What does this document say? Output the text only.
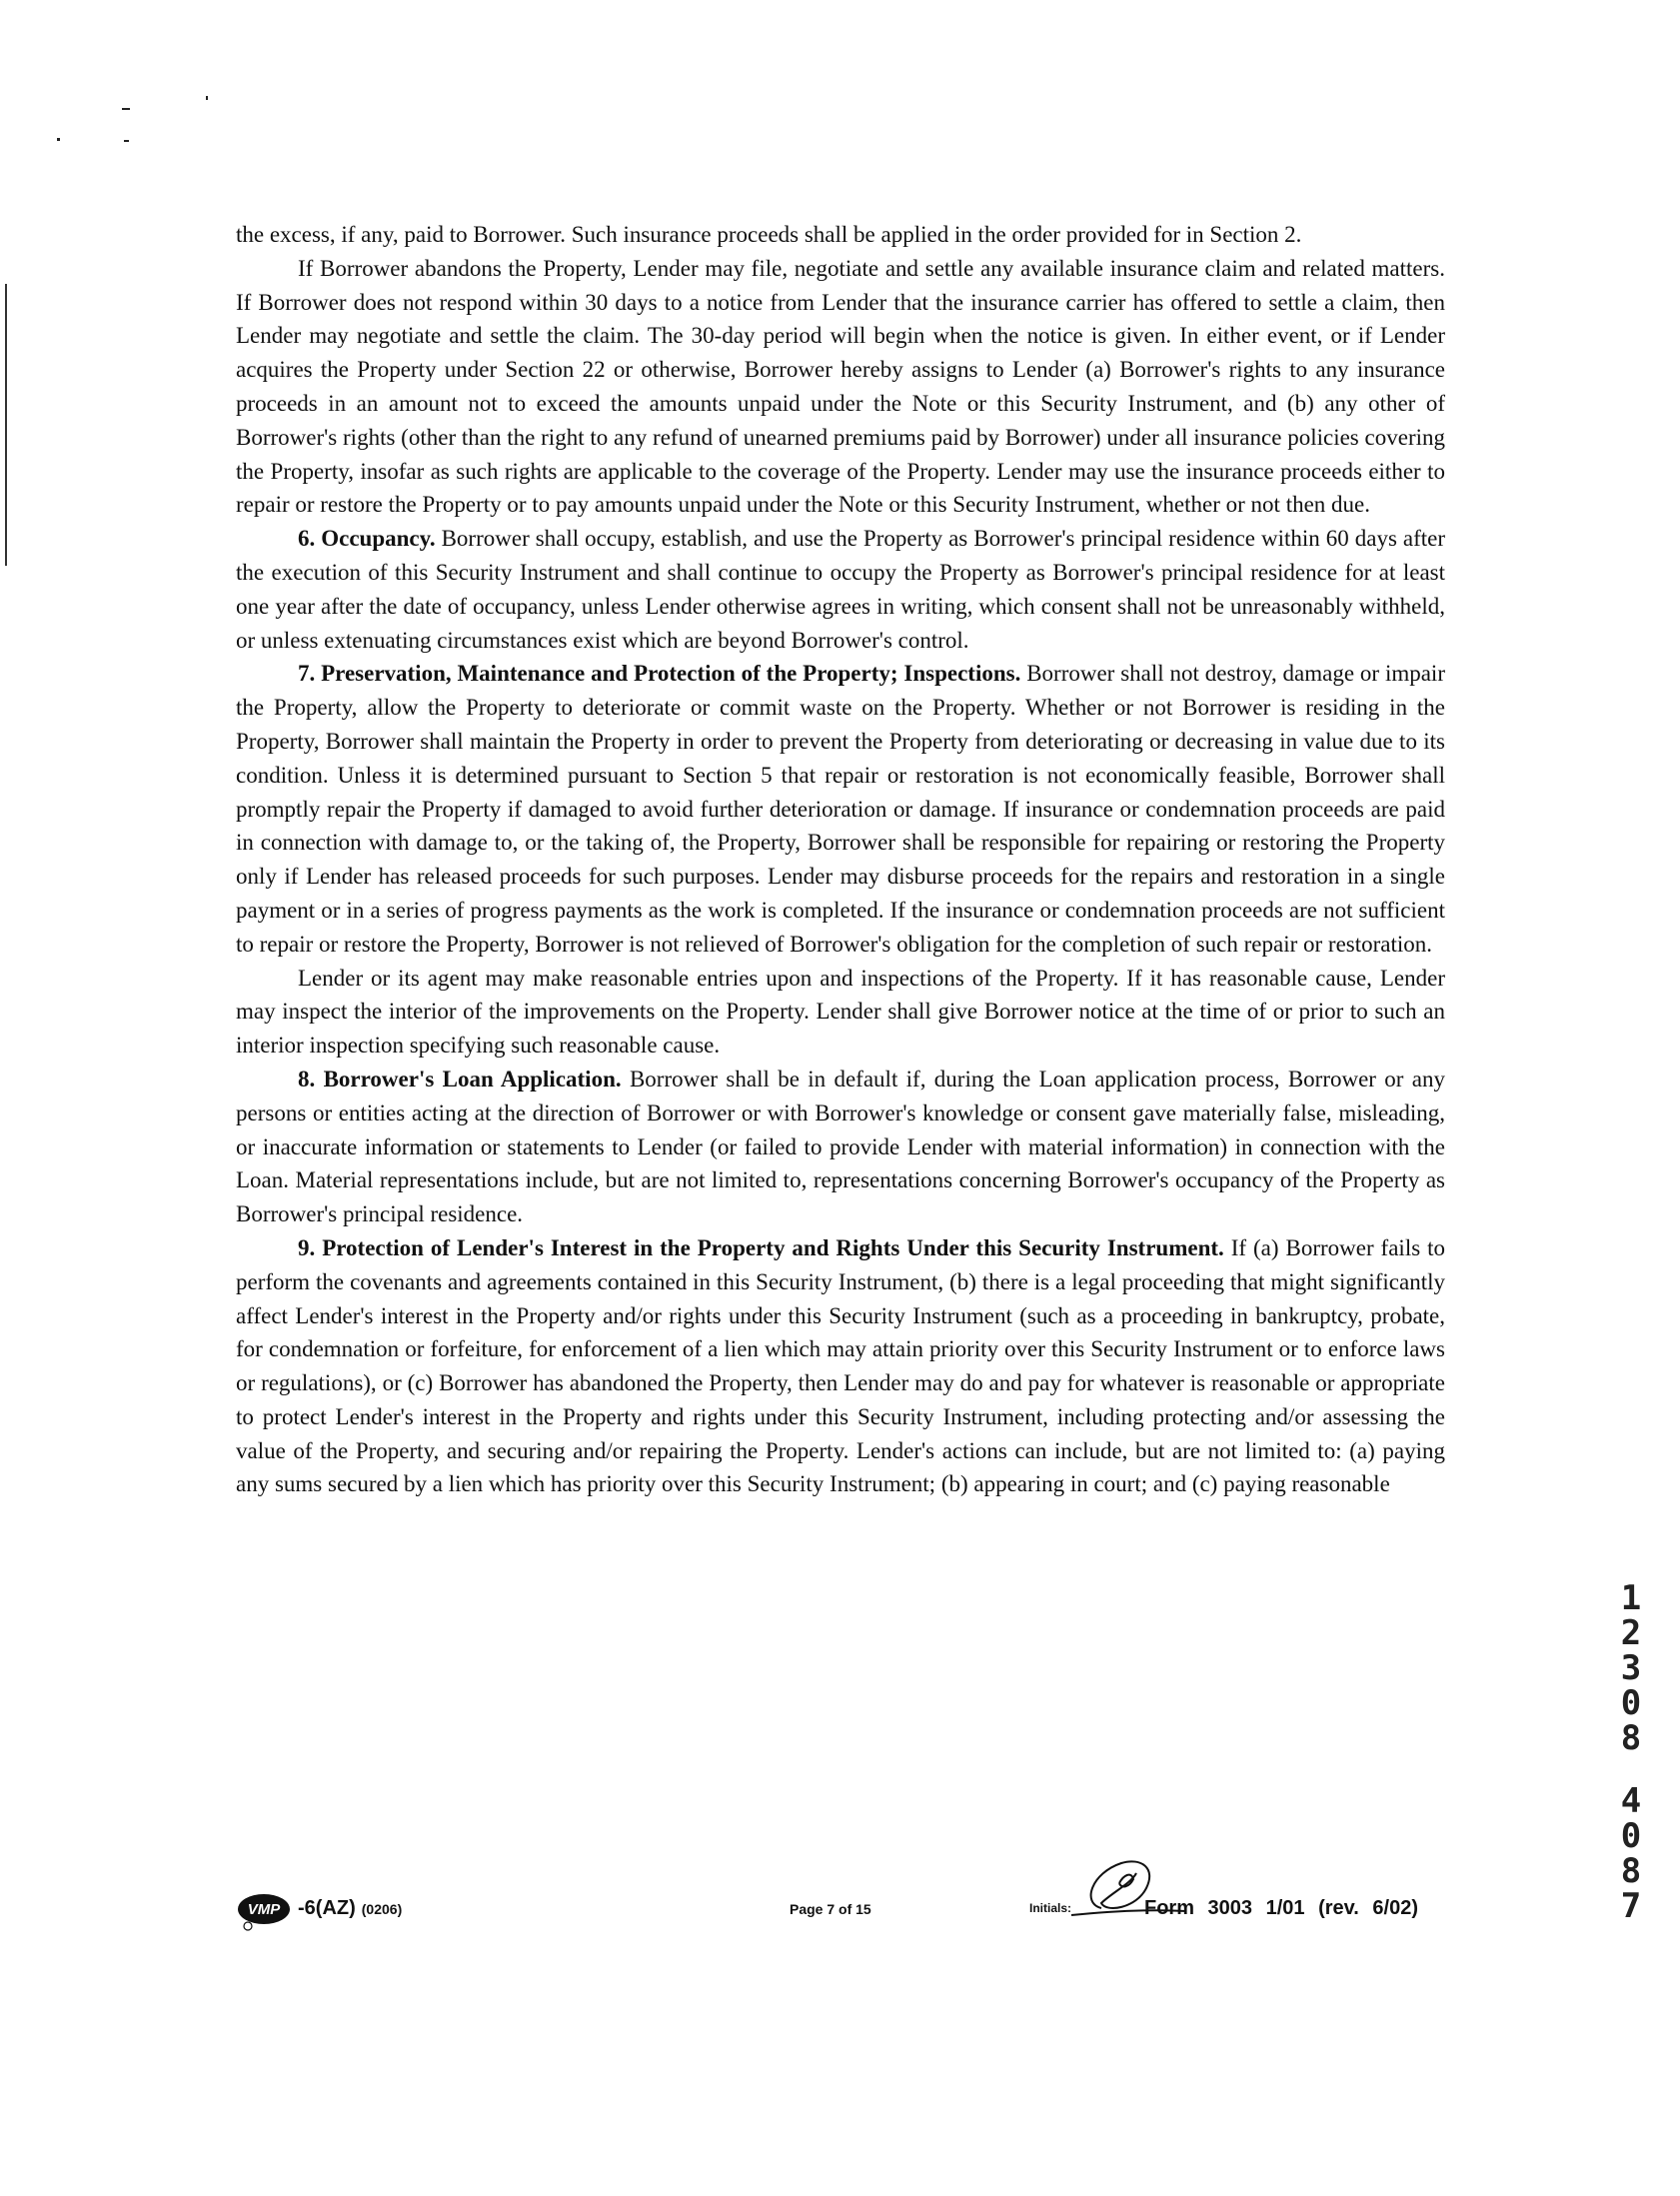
the excess, if any, paid to Borrower. Such insurance proceeds shall be applied in the order provided for in Section 2.

If Borrower abandons the Property, Lender may file, negotiate and settle any available insurance claim and related matters. If Borrower does not respond within 30 days to a notice from Lender that the insurance carrier has offered to settle a claim, then Lender may negotiate and settle the claim. The 30-day period will begin when the notice is given. In either event, or if Lender acquires the Property under Section 22 or otherwise, Borrower hereby assigns to Lender (a) Borrower's rights to any insurance proceeds in an amount not to exceed the amounts unpaid under the Note or this Security Instrument, and (b) any other of Borrower's rights (other than the right to any refund of unearned premiums paid by Borrower) under all insurance policies covering the Property, insofar as such rights are applicable to the coverage of the Property. Lender may use the insurance proceeds either to repair or restore the Property or to pay amounts unpaid under the Note or this Security Instrument, whether or not then due.

6. Occupancy. Borrower shall occupy, establish, and use the Property as Borrower's principal residence within 60 days after the execution of this Security Instrument and shall continue to occupy the Property as Borrower's principal residence for at least one year after the date of occupancy, unless Lender otherwise agrees in writing, which consent shall not be unreasonably withheld, or unless extenuating circumstances exist which are beyond Borrower's control.

7. Preservation, Maintenance and Protection of the Property; Inspections. Borrower shall not destroy, damage or impair the Property, allow the Property to deteriorate or commit waste on the Property. Whether or not Borrower is residing in the Property, Borrower shall maintain the Property in order to prevent the Property from deteriorating or decreasing in value due to its condition. Unless it is determined pursuant to Section 5 that repair or restoration is not economically feasible, Borrower shall promptly repair the Property if damaged to avoid further deterioration or damage. If insurance or condemnation proceeds are paid in connection with damage to, or the taking of, the Property, Borrower shall be responsible for repairing or restoring the Property only if Lender has released proceeds for such purposes. Lender may disburse proceeds for the repairs and restoration in a single payment or in a series of progress payments as the work is completed. If the insurance or condemnation proceeds are not sufficient to repair or restore the Property, Borrower is not relieved of Borrower's obligation for the completion of such repair or restoration.

Lender or its agent may make reasonable entries upon and inspections of the Property. If it has reasonable cause, Lender may inspect the interior of the improvements on the Property. Lender shall give Borrower notice at the time of or prior to such an interior inspection specifying such reasonable cause.

8. Borrower's Loan Application. Borrower shall be in default if, during the Loan application process, Borrower or any persons or entities acting at the direction of Borrower or with Borrower's knowledge or consent gave materially false, misleading, or inaccurate information or statements to Lender (or failed to provide Lender with material information) in connection with the Loan. Material representations include, but are not limited to, representations concerning Borrower's occupancy of the Property as Borrower's principal residence.

9. Protection of Lender's Interest in the Property and Rights Under this Security Instrument. If (a) Borrower fails to perform the covenants and agreements contained in this Security Instrument, (b) there is a legal proceeding that might significantly affect Lender's interest in the Property and/or rights under this Security Instrument (such as a proceeding in bankruptcy, probate, for condemnation or forfeiture, for enforcement of a lien which may attain priority over this Security Instrument or to enforce laws or regulations), or (c) Borrower has abandoned the Property, then Lender may do and pay for whatever is reasonable or appropriate to protect Lender's interest in the Property and rights under this Security Instrument, including protecting and/or assessing the value of the Property, and securing and/or repairing the Property. Lender's actions can include, but are not limited to: (a) paying any sums secured by a lien which has priority over this Security Instrument; (b) appearing in court; and (c) paying reasonable

1
2
3
0
8
4
0
8
7
VMP -6(AZ) (0206)	Page 7 of 15	Initials:	Form 3003 1/01 (rev. 6/02)
